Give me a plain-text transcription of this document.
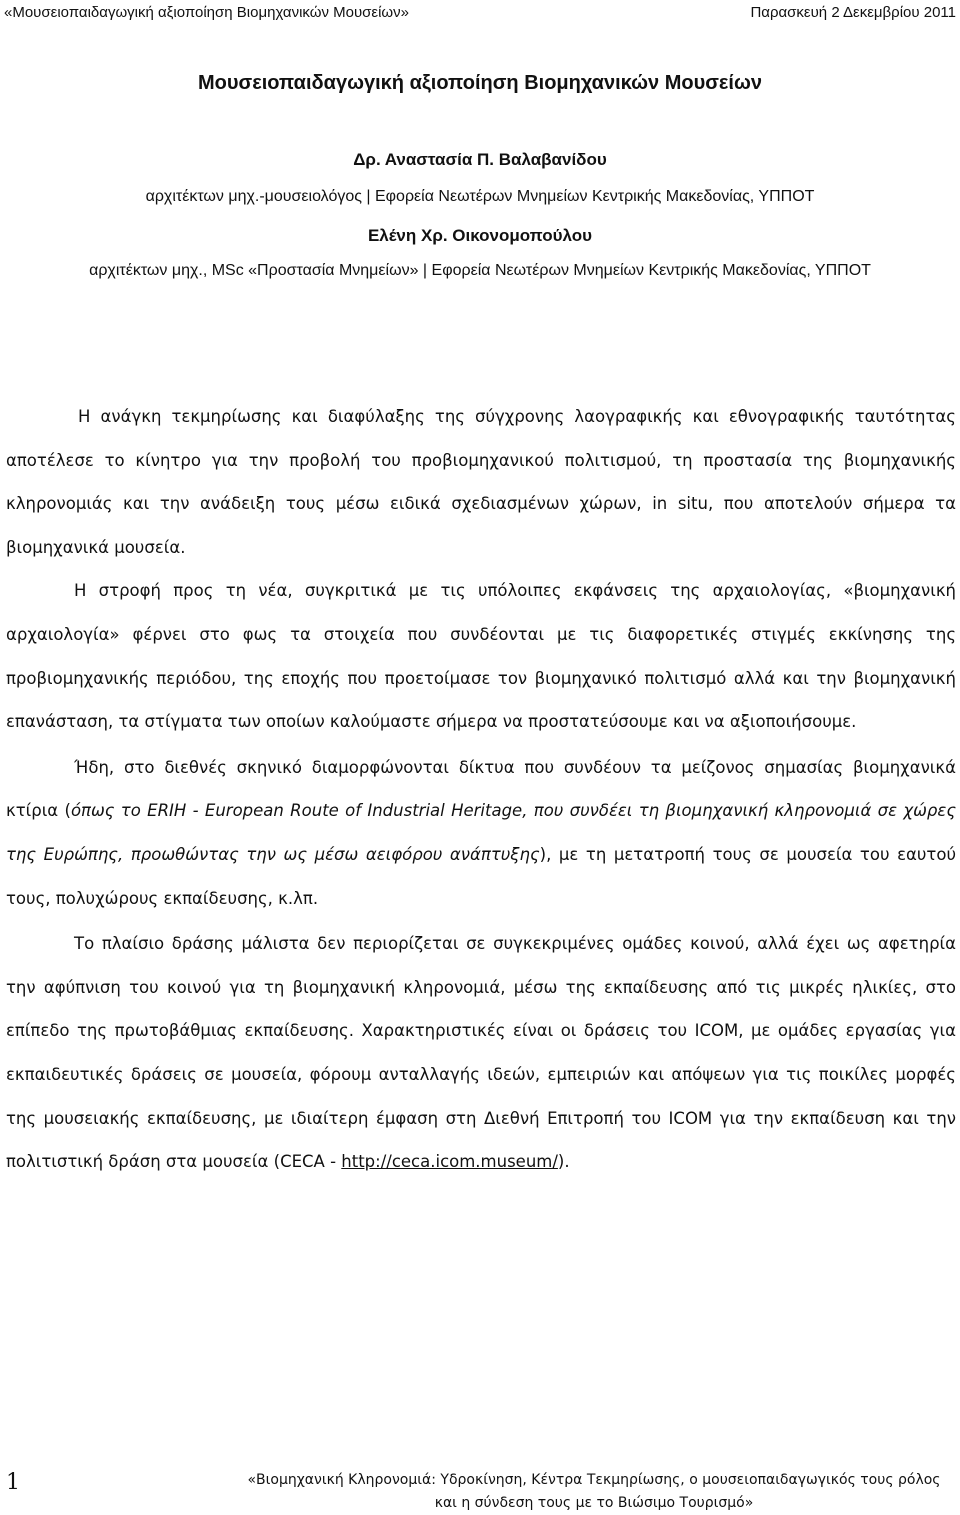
«Μουσειοπαιδαγωγική αξιοποίηση Βιομηχανικών Μουσείων»	Παρασκευή 2 Δεκεμβρίου 2011
Μουσειοπαιδαγωγική αξιοποίηση Βιομηχανικών Μουσείων
Δρ. Αναστασία Π. Βαλαβανίδου
αρχιτέκτων μηχ.-μουσειολόγος | Εφορεία Νεωτέρων Μνημείων Κεντρικής Μακεδονίας, ΥΠΠΟΤ
Ελένη Χρ. Οικονομοπούλου
αρχιτέκτων μηχ., MSc «Προστασία Μνημείων» | Εφορεία Νεωτέρων Μνημείων Κεντρικής Μακεδονίας, ΥΠΠΟΤ

Η ανάγκη τεκμηρίωσης και διαφύλαξης της σύγχρονης λαογραφικής και εθνογραφικής ταυτότητας αποτέλεσε το κίνητρο για την προβολή του προβιομηχανικού πολιτισμού, τη προστασία της βιομηχανικής κληρονομιάς και την ανάδειξη τους μέσω ειδικά σχεδιασμένων χώρων, in situ, που αποτελούν σήμερα τα βιομηχανικά μουσεία.

Η στροφή προς τη νέα, συγκριτικά με τις υπόλοιπες εκφάνσεις της αρχαιολογίας, «βιομηχανική αρχαιολογία» φέρνει στο φως τα στοιχεία που συνδέονται με τις διαφορετικές στιγμές εκκίνησης της προβιομηχανικής περιόδου, της εποχής που προετοίμασε τον βιομηχανικό πολιτισμό αλλά και την βιομηχανική επανάσταση, τα στίγματα των οποίων καλούμαστε σήμερα να προστατεύσουμε και να αξιοποιήσουμε.

Ήδη, στο διεθνές σκηνικό διαμορφώνονται δίκτυα που συνδέουν τα μείζονος σημασίας βιομηχανικά κτίρια (όπως το ERIH - European Route of Industrial Heritage, που συνδέει τη βιομηχανική κληρονομιά σε χώρες της Ευρώπης, προωθώντας την ως μέσω αειφόρου ανάπτυξης), με τη μετατροπή τους σε μουσεία του εαυτού τους, πολυχώρους εκπαίδευσης, κ.λπ.

Το πλαίσιο δράσης μάλιστα δεν περιορίζεται σε συγκεκριμένες ομάδες κοινού, αλλά έχει ως αφετηρία την αφύπνιση του κοινού για τη βιομηχανική κληρονομιά, μέσω της εκπαίδευσης από τις μικρές ηλικίες, στο επίπεδο της πρωτοβάθμιας εκπαίδευσης. Χαρακτηριστικές είναι οι δράσεις του ICOM, με ομάδες εργασίας για εκπαιδευτικές δράσεις σε μουσεία, φόρουμ ανταλλαγής ιδεών, εμπειριών και απόψεων για τις ποικίλες μορφές της μουσειακής εκπαίδευσης, με ιδιαίτερη έμφαση στη Διεθνή Επιτροπή του ICOM για την εκπαίδευση και την πολιτιστική δράση στα μουσεία (CECA - http://ceca.icom.museum/).

1	«Βιομηχανική Κληρονομιά: Υδροκίνηση, Κέντρα Τεκμηρίωσης, ο μουσειοπαιδαγωγικός τους ρόλος
και η σύνδεση τους με το Βιώσιμο Τουρισμό»
